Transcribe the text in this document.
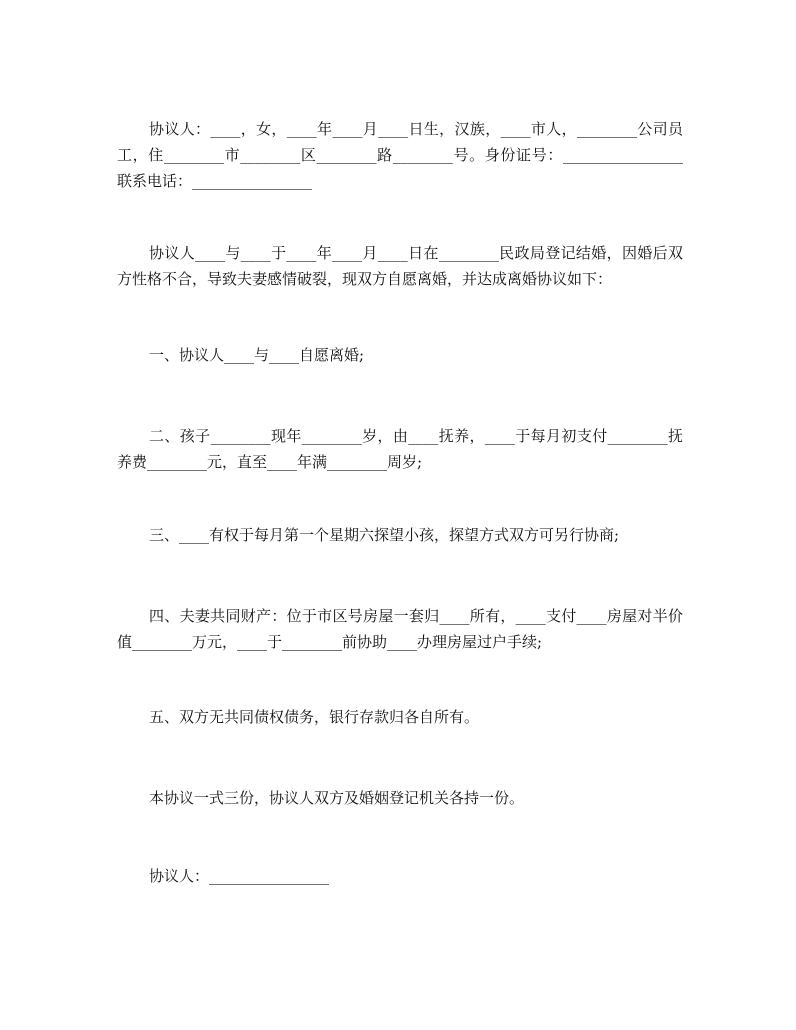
协议人：____，女，____年____月____日生，汉族，____市人，________公司员工，住________市________区________路________号。身份证号：________________联系电话：________________

协议人____与____于____年____月____日在________民政局登记结婚，因婚后双方性格不合，导致夫妻感情破裂，现双方自愿离婚，并达成离婚协议如下：

一、协议人____与____自愿离婚;

二、孩子________现年________岁，由____抚养，____于每月初支付________抚养费________元，直至____年满________周岁;

三、____有权于每月第一个星期六探望小孩，探望方式双方可另行协商;

四、夫妻共同财产：位于市区号房屋一套归____所有，____支付____房屋对半价值________万元，____于________前协助____办理房屋过户手续;

五、双方无共同债权债务，银行存款归各自所有。

本协议一式三份，协议人双方及婚姻登记机关各持一份。

协议人：________________
